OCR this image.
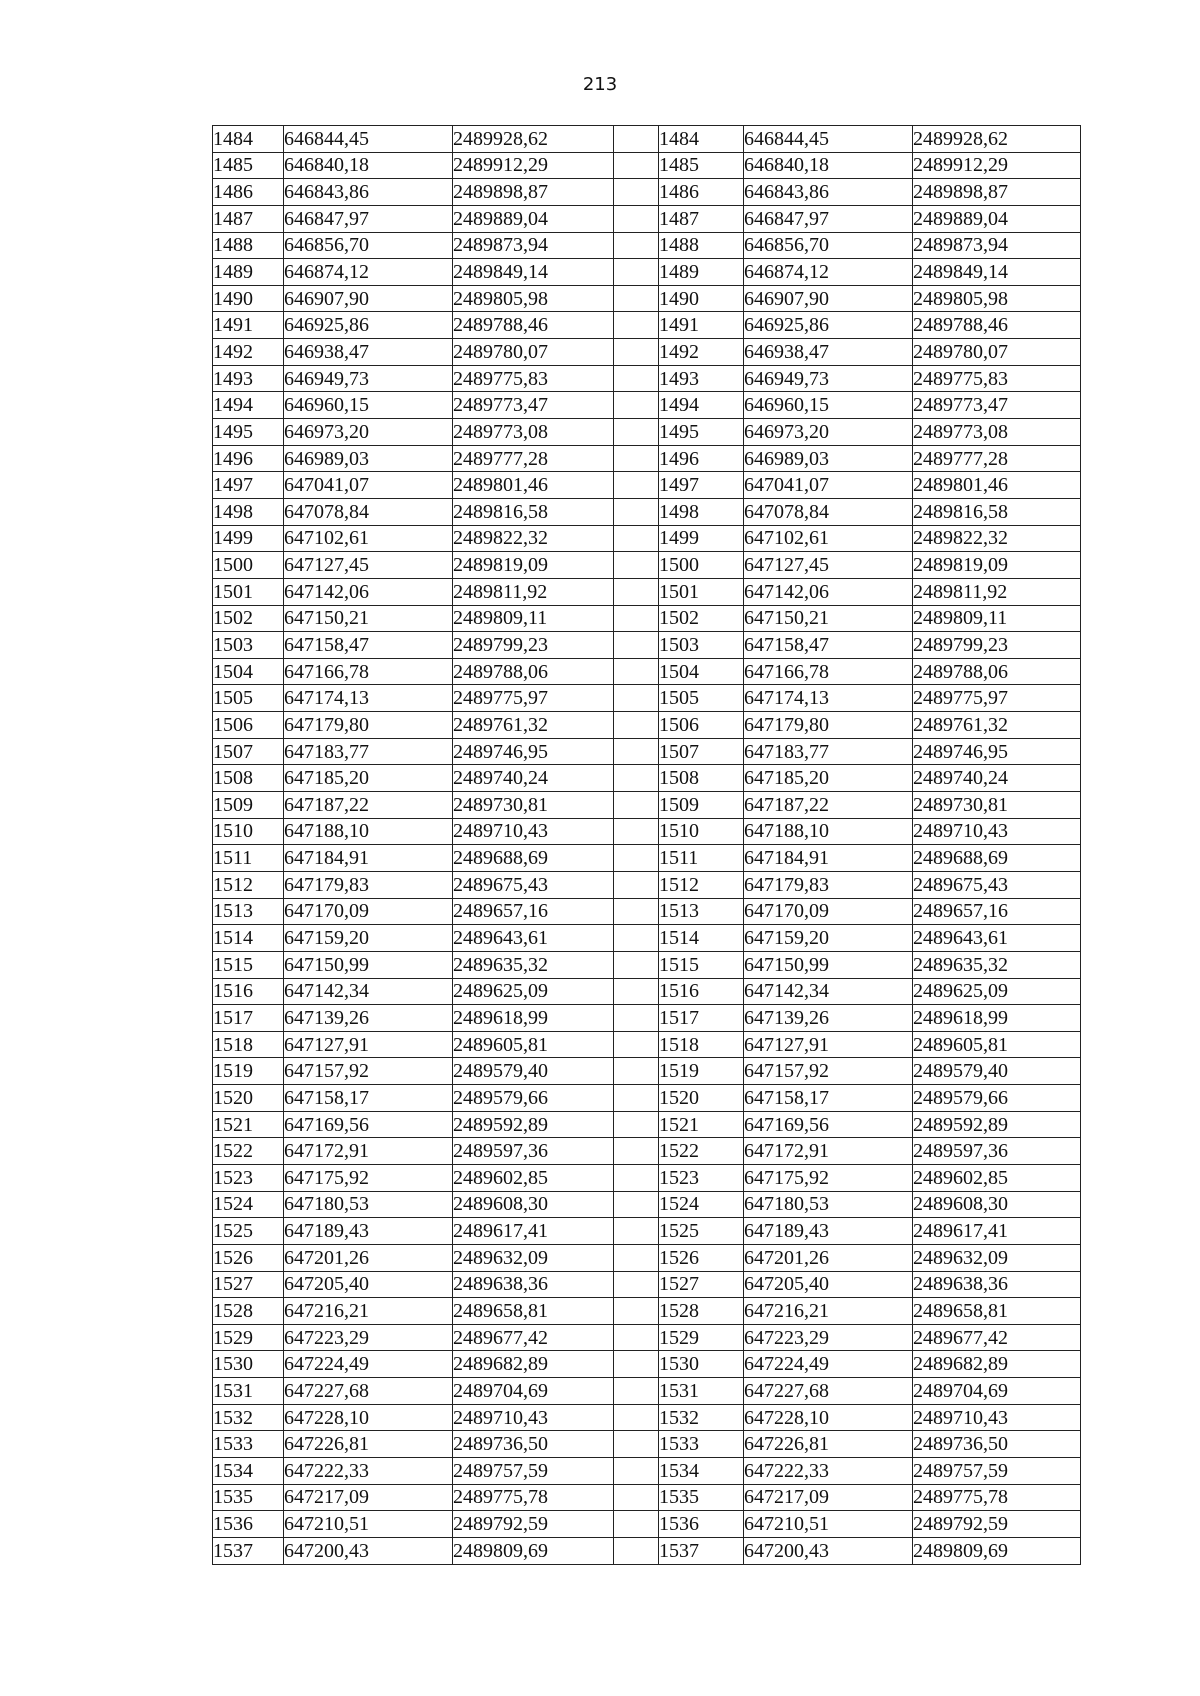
213
1484	646844,45	2489928,62		1484	646844,45	2489928,62
1485	646840,18	2489912,29		1485	646840,18	2489912,29
1486	646843,86	2489898,87		1486	646843,86	2489898,87
1487	646847,97	2489889,04		1487	646847,97	2489889,04
1488	646856,70	2489873,94		1488	646856,70	2489873,94
1489	646874,12	2489849,14		1489	646874,12	2489849,14
1490	646907,90	2489805,98		1490	646907,90	2489805,98
1491	646925,86	2489788,46		1491	646925,86	2489788,46
1492	646938,47	2489780,07		1492	646938,47	2489780,07
1493	646949,73	2489775,83		1493	646949,73	2489775,83
1494	646960,15	2489773,47		1494	646960,15	2489773,47
1495	646973,20	2489773,08		1495	646973,20	2489773,08
1496	646989,03	2489777,28		1496	646989,03	2489777,28
1497	647041,07	2489801,46		1497	647041,07	2489801,46
1498	647078,84	2489816,58		1498	647078,84	2489816,58
1499	647102,61	2489822,32		1499	647102,61	2489822,32
1500	647127,45	2489819,09		1500	647127,45	2489819,09
1501	647142,06	2489811,92		1501	647142,06	2489811,92
1502	647150,21	2489809,11		1502	647150,21	2489809,11
1503	647158,47	2489799,23		1503	647158,47	2489799,23
1504	647166,78	2489788,06		1504	647166,78	2489788,06
1505	647174,13	2489775,97		1505	647174,13	2489775,97
1506	647179,80	2489761,32		1506	647179,80	2489761,32
1507	647183,77	2489746,95		1507	647183,77	2489746,95
1508	647185,20	2489740,24		1508	647185,20	2489740,24
1509	647187,22	2489730,81		1509	647187,22	2489730,81
1510	647188,10	2489710,43		1510	647188,10	2489710,43
1511	647184,91	2489688,69		1511	647184,91	2489688,69
1512	647179,83	2489675,43		1512	647179,83	2489675,43
1513	647170,09	2489657,16		1513	647170,09	2489657,16
1514	647159,20	2489643,61		1514	647159,20	2489643,61
1515	647150,99	2489635,32		1515	647150,99	2489635,32
1516	647142,34	2489625,09		1516	647142,34	2489625,09
1517	647139,26	2489618,99		1517	647139,26	2489618,99
1518	647127,91	2489605,81		1518	647127,91	2489605,81
1519	647157,92	2489579,40		1519	647157,92	2489579,40
1520	647158,17	2489579,66		1520	647158,17	2489579,66
1521	647169,56	2489592,89		1521	647169,56	2489592,89
1522	647172,91	2489597,36		1522	647172,91	2489597,36
1523	647175,92	2489602,85		1523	647175,92	2489602,85
1524	647180,53	2489608,30		1524	647180,53	2489608,30
1525	647189,43	2489617,41		1525	647189,43	2489617,41
1526	647201,26	2489632,09		1526	647201,26	2489632,09
1527	647205,40	2489638,36		1527	647205,40	2489638,36
1528	647216,21	2489658,81		1528	647216,21	2489658,81
1529	647223,29	2489677,42		1529	647223,29	2489677,42
1530	647224,49	2489682,89		1530	647224,49	2489682,89
1531	647227,68	2489704,69		1531	647227,68	2489704,69
1532	647228,10	2489710,43		1532	647228,10	2489710,43
1533	647226,81	2489736,50		1533	647226,81	2489736,50
1534	647222,33	2489757,59		1534	647222,33	2489757,59
1535	647217,09	2489775,78		1535	647217,09	2489775,78
1536	647210,51	2489792,59		1536	647210,51	2489792,59
1537	647200,43	2489809,69		1537	647200,43	2489809,69
